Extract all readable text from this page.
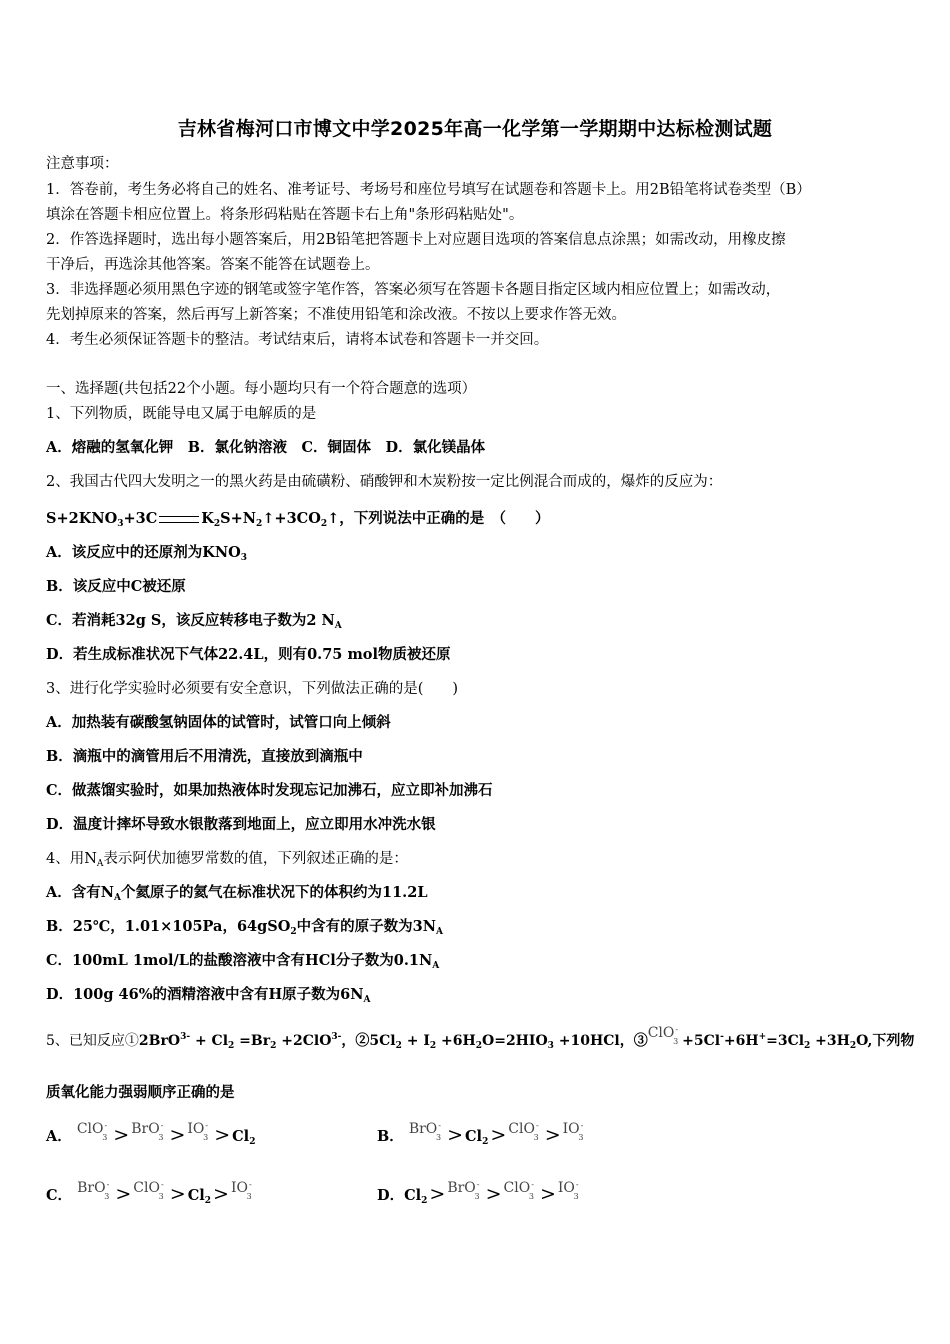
吉林省梅河口市博文中学2025年高一化学第一学期期中达标检测试题
注意事项：
1．答卷前，考生务必将自己的姓名、准考证号、考场号和座位号填写在试题卷和答题卡上。用2B铅笔将试卷类型（B）
填涂在答题卡相应位置上。将条形码粘贴在答题卡右上角"条形码粘贴处"。
2．作答选择题时，选出每小题答案后，用2B铅笔把答题卡上对应题目选项的答案信息点涂黑；如需改动，用橡皮擦
干净后，再选涂其他答案。答案不能答在试题卷上。
3．非选择题必须用黑色字迹的钢笔或签字笔作答，答案必须写在答题卡各题目指定区域内相应位置上；如需改动，
先划掉原来的答案，然后再写上新答案；不准使用铅笔和涂改液。不按以上要求作答无效。
4．考生必须保证答题卡的整洁。考试结束后，请将本试卷和答题卡一并交回。
一、选择题(共包括22个小题。每小题均只有一个符合题意的选项）
1、下列物质，既能导电又属于电解质的是
A．熔融的氢氧化钾　B．氯化钠溶液　C．铜固体　D．氯化镁晶体
2、我国古代四大发明之一的黑火药是由硫磺粉、硝酸钾和木炭粉按一定比例混合而成的，爆炸的反应为：
$S+2KNO_3+3C$	$K_2S+N_2↑+3CO_2↑$，下列说法中正确的是　（　　）
A．该反应中的还原剂为$KNO_3$
B．该反应中C被还原
C．若消耗32g S，该反应转移电子数为2 $N_A$
D．若生成标准状况下气体22.4L，则有0.75 mol物质被还原
3、进行化学实验时必须要有安全意识，下列做法正确的是(　　)
A．加热装有碳酸氢钠固体的试管时，试管口向上倾斜
B．滴瓶中的滴管用后不用清洗，直接放到滴瓶中
C．做蒸馏实验时，如果加热液体时发现忘记加沸石，应立即补加沸石
D．温度计摔坏导致水银散落到地面上，应立即用水冲洗水银
4、用$N_A$表示阿伏加德罗常数的值，下列叙述正确的是：
A．含有$N_A$个氦原子的氦气在标准状况下的体积约为11.2L
B．25℃，1.01×105Pa，64gSO$_2$中含有的原子数为$3N_A$
C．100mL 1mol/L的盐酸溶液中含有HCl分子数为$0.1N_A$
D．100g 46%的酒精溶液中含有H原子数为$6N_A$
5、已知反应①2BrO$^{3-}$ + $Cl_2 =Br_2 +2ClO^{3-}$，$②5Cl_2 + I_2 +6H_2O=2HIO_3 +10HCl$，③ClO-3 $+5Cl^-+6H^+=3Cl_2 +3H_2O$,下列物
质氧化能力强弱顺序正确的是
A． $ClO^-3 > BrO^-3 > IO^-3 > Cl_2$	B． $BrO^-3 > Cl_2 > ClO^-3 > IO^-3$
C． $BrO^-3 > ClO^-3 > Cl_2 > IO^-3$	D．$Cl_2 > BrO^-3 > ClO^-3 > IO^-3$
